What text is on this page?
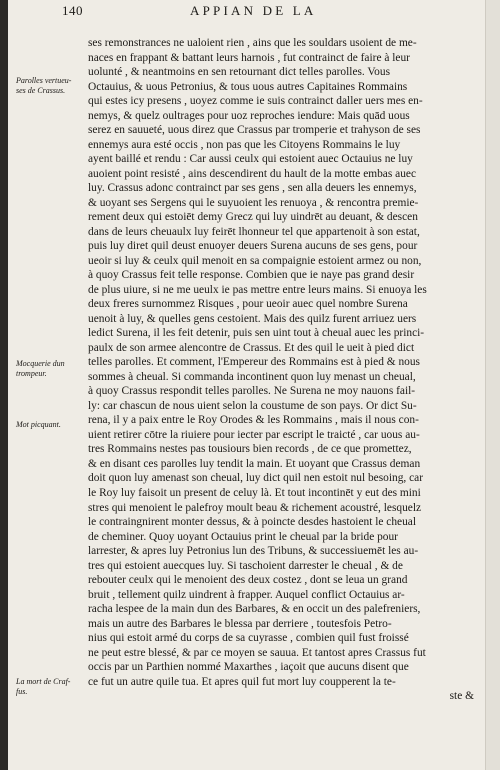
140	APPIAN DE LA
Parolles vertueu-
ses de Crassus.
Mocquerie dun
trompeur.
Mot picquant.
La mort de Craf-
fus.
ses remonstrances ne ualoient rien , ains que les souldars usoient de me-
naces en frappant & battant leurs harnois , fut contrainct de faire à leur
uolunté , & neantmoins en sen retournant dict telles parolles. Vous
Octauius, & uous Petronius, & tous uous autres Capitaines Rommains
qui estes icy presens , uoyez comme ie suis contrainct daller uers mes en-
nemys, & quelz oultrages pour uoz reproches iendure: Mais quād uous
serez en sauueté, uous direz que Crassus par tromperie et trahyson de ses
ennemys aura esté occis , non pas que les Citoyens Rommains le luy
ayent baillé et rendu : Car aussi ceulx qui estoient auec Octauius ne luy
auoient point resisté , ains descendirent du hault de la motte embas auec
luy. Crassus adonc contrainct par ses gens , sen alla deuers les ennemys,
& uoyant ses Sergens qui le suyuoient les renuoya , & rencontra premie-
rement deux qui estoiēt demy Grecz qui luy uindrēt au deuant, & descen
dans de leurs cheuaulx luy feirēt lhonneur tel que appartenoit à son estat,
puis luy diret quil deust enuoyer deuers Surena aucuns de ses gens, pour
ueoir si luy & ceulx quil menoit en sa compaignie estoient armez ou non,
à quoy Crassus feit telle response. Combien que ie naye pas grand desir
de plus uiure, si ne me ueulx ie pas mettre entre leurs mains. Si enuoya les
deux freres surnommez Risques , pour ueoir auec quel nombre Surena
uenoit à luy, & quelles gens cestoient. Mais des quilz furent arriuez uers
ledict Surena, il les feit detenir, puis sen uint tout à cheual auec les princi-
paulx de son armee alencontre de Crassus. Et des quil le ueit à pied dict
telles parolles. Et comment, l'Empereur des Rommains est à pied & nous
sommes à cheual. Si commanda incontinent quon luy menast un cheual,
à quoy Crassus respondit telles parolles. Ne Surena ne moy nauons fail-
ly: car chascun de nous uient selon la coustume de son pays. Or dict Su-
rena, il y a paix entre le Roy Orodes & les Rommains , mais il nous con-
uient retirer cōtre la riuiere pour iecter par escript le traicté , car uous au-
tres Rommains nestes pas tousiours bien records , de ce que promettez,
& en disant ces parolles luy tendit la main. Et uoyant que Crassus deman
doit quon luy amenast son cheual, luy dict quil nen estoit nul besoing, car
le Roy luy faisoit un present de celuy là. Et tout incontinēt y eut des mini
stres qui menoient le palefroy moult beau & richement acoustré, lesquelz
le contraingnirent monter dessus, & à poincte desdes hastoient le cheual
de cheminer. Quoy uoyant Octauius print le cheual par la bride pour
larrester, & apres luy Petronius lun des Tribuns, & successiuemēt les au-
tres qui estoient auecques luy. Si taschoient darrester le cheual , & de
rebouter ceulx qui le menoient des deux costez , dont se leua un grand
bruit , tellement quilz uindrent à frapper. Auquel conflict Octauius ar-
racha lespee de la main dun des Barbares, & en occit un des palefreniers,
mais un autre des Barbares le blessa par derriere , toutesfois Petro-
nius qui estoit armé du corps de sa cuyrasse , combien quil fust froissé
ne peut estre blessé, & par ce moyen se sauua. Et tantost apres Crassus fut
occis par un Parthien nommé Maxarthes , iaçoit que aucuns disent que
ce fut un autre quile tua. Et apres quil fut mort luy coupperent la te-
ste &
